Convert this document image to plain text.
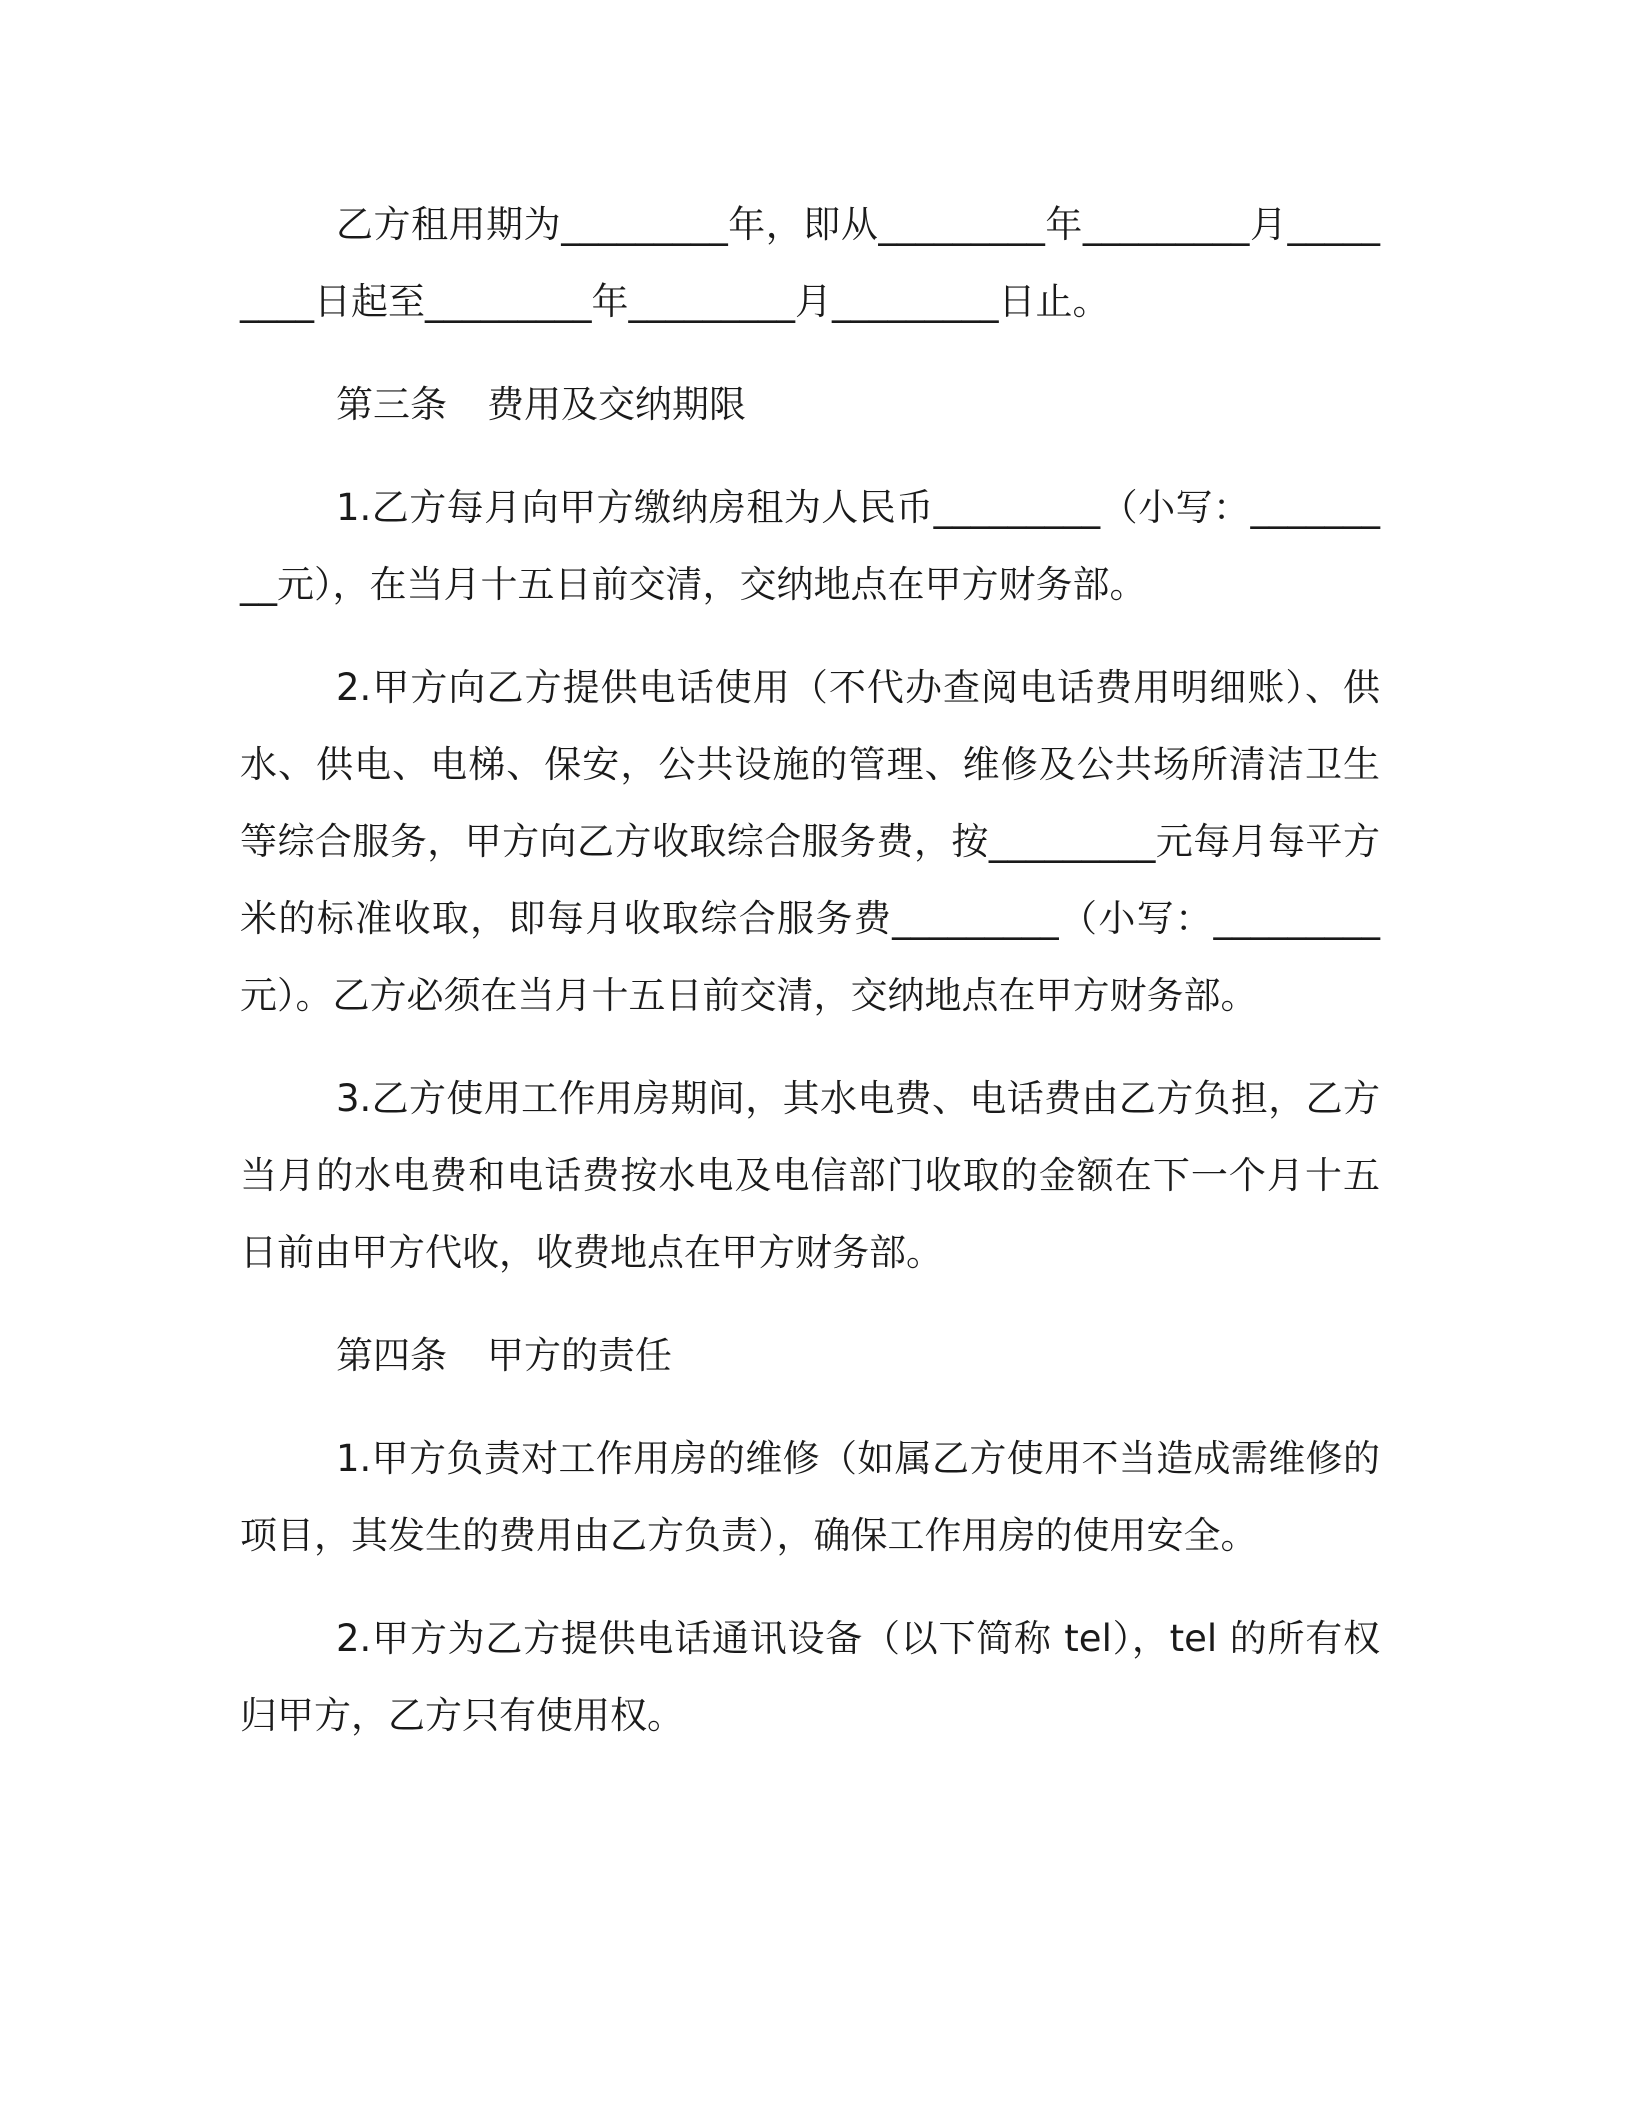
乙方租用期为_________年，即从_________年_________月_________日起至_________年_________月_________日止。

第三条 费用及交纳期限

1.乙方每月向甲方缴纳房租为人民币_________（小写：_________元），在当月十五日前交清，交纳地点在甲方财务部。

2.甲方向乙方提供电话使用（不代办查阅电话费用明细账）、供水、供电、电梯、保安，公共设施的管理、维修及公共场所清洁卫生等综合服务，甲方向乙方收取综合服务费，按_________元每月每平方米的标准收取，即每月收取综合服务费_________（小写：_________元）。乙方必须在当月十五日前交清，交纳地点在甲方财务部。

3.乙方使用工作用房期间，其水电费、电话费由乙方负担，乙方当月的水电费和电话费按水电及电信部门收取的金额在下一个月十五日前由甲方代收，收费地点在甲方财务部。

第四条 甲方的责任

1.甲方负责对工作用房的维修（如属乙方使用不当造成需维修的项目，其发生的费用由乙方负责），确保工作用房的使用安全。

2.甲方为乙方提供电话通讯设备（以下简称 tel），tel 的所有权归甲方，乙方只有使用权。
